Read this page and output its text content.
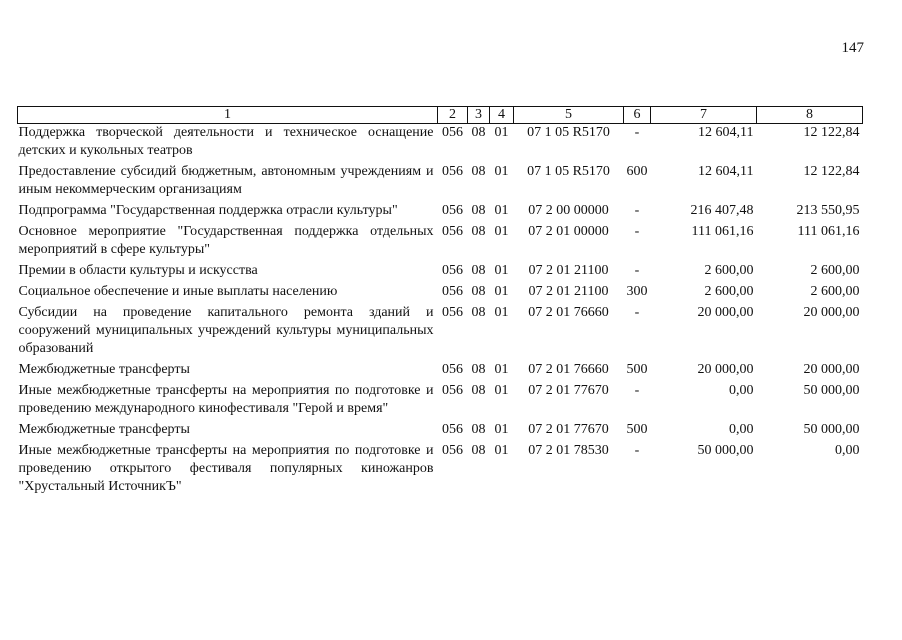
147
1	2	3	4	5	6	7	8
Поддержка творческой деятельности и техническое оснащение детских и кукольных театров	056	08	01	07 1 05 R5170	-	12 604,11	12 122,84
Предоставление субсидий бюджетным, автономным учреждениям и иным некоммерческим организациям	056	08	01	07 1 05 R5170	600	12 604,11	12 122,84
Подпрограмма "Государственная поддержка отрасли культуры"	056	08	01	07 2 00 00000	-	216 407,48	213 550,95
Основное мероприятие "Государственная поддержка отдельных мероприятий в сфере культуры"	056	08	01	07 2 01 00000	-	111 061,16	111 061,16
Премии в области культуры и искусства	056	08	01	07 2 01 21100	-	2 600,00	2 600,00
Социальное обеспечение и иные выплаты населению	056	08	01	07 2 01 21100	300	2 600,00	2 600,00
Субсидии на проведение капитального ремонта зданий и сооружений муниципальных учреждений культуры муниципальных образований	056	08	01	07 2 01 76660	-	20 000,00	20 000,00
Межбюджетные трансферты	056	08	01	07 2 01 76660	500	20 000,00	20 000,00
Иные межбюджетные трансферты на мероприятия по подготовке и проведению международного кинофестиваля "Герой и время"	056	08	01	07 2 01 77670	-	0,00	50 000,00
Межбюджетные трансферты	056	08	01	07 2 01 77670	500	0,00	50 000,00
Иные межбюджетные трансферты на мероприятия по подготовке и проведению открытого фестиваля популярных киножанров "Хрустальный ИсточникЪ"	056	08	01	07 2 01 78530	-	50 000,00	0,00
